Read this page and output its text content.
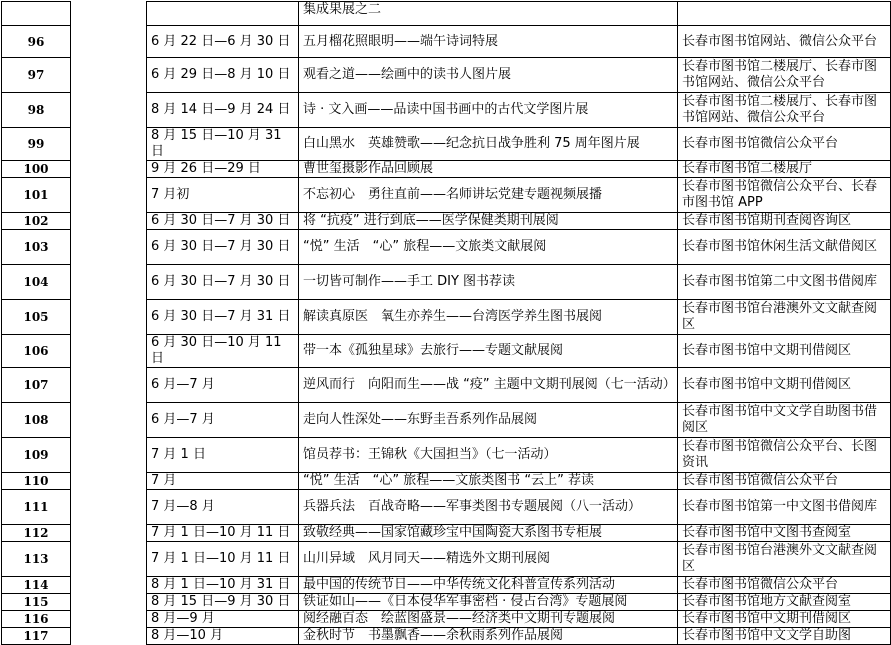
			集成果展之二	
96		6 月 22 日—6 月 30 日	五月榴花照眼明——端午诗词特展	长春市图书馆网站、微信公众平台
97		6 月 29 日—8 月 10 日	观看之道——绘画中的读书人图片展	长春市图书馆二楼展厅、长春市图书馆网站、微信公众平台
98		8 月 14 日—9 月 24 日	诗 · 文入画——品读中国书画中的古代文学图片展	长春市图书馆二楼展厅、长春市图书馆网站、微信公众平台
99		8 月 15 日—10 月 31 日	白山黑水　英雄赞歌——纪念抗日战争胜利 75 周年图片展	长春市图书馆微信公众平台
100		9 月 26 日—29 日	曹世玺摄影作品回顾展	长春市图书馆二楼展厅
101		7 月初	不忘初心　勇往直前——名师讲坛党建专题视频展播	长春市图书馆微信公众平台、长春市图书馆 APP
102		6 月 30 日—7 月 30 日	将 “抗疫” 进行到底——医学保健类期刊展阅	长春市图书馆期刊查阅咨询区
103		6 月 30 日—7 月 30 日	“悦” 生活　“心” 旅程——文旅类文献展阅	长春市图书馆休闲生活文献借阅区
104		6 月 30 日—7 月 30 日	一切皆可制作——手工 DIY 图书荐读	长春市图书馆第二中文图书借阅库
105		6 月 30 日—7 月 31 日	解读真原医　氧生亦养生——台湾医学养生图书展阅	长春市图书馆台港澳外文文献查阅区
106		6 月 30 日—10 月 11 日	带一本《孤独星球》去旅行——专题文献展阅	长春市图书馆中文期刊借阅区
107		6 月—7 月	逆风而行　向阳而生——战 “疫” 主题中文期刊展阅（七一活动）	长春市图书馆中文期刊借阅区
108		6 月—7 月	走向人性深处——东野圭吾系列作品展阅	长春市图书馆中文文学自助图书借阅区
109		7 月 1 日	馆员荐书：王锦秋《大国担当》（七一活动）	长春市图书馆微信公众平台、长图资讯
110		7 月	“悦” 生活　“心” 旅程——文旅类图书 “云上” 荐读	长春市图书馆微信公众平台
111		7 月—8 月	兵器兵法　百战奇略——军事类图书专题展阅（八一活动）	长春市图书馆第一中文图书借阅库
112		7 月 1 日—10 月 11 日	致敬经典——国家馆藏珍宝中国陶瓷大系图书专柜展	长春市图书馆中文图书查阅室
113		7 月 1 日—10 月 11 日	山川异域　风月同天——精选外文期刊展阅	长春市图书馆台港澳外文文献查阅区
114		8 月 1 日—10 月 31 日	最中国的传统节日——中华传统文化科普宣传系列活动	长春市图书馆微信公众平台
115		8 月 15 日—9 月 30 日	铁证如山——《日本侵华军事密档 · 侵占台湾》专题展阅	长春市图书馆地方文献查阅室
116		8 月—9 月	阅经融百态　绘蓝图盛景——经济类中文期刊专题展阅	长春市图书馆中文期刊借阅区
117		8 月—10 月	金秋时节　书墨飘香——余秋雨系列作品展阅	长春市图书馆中文文学自助图
